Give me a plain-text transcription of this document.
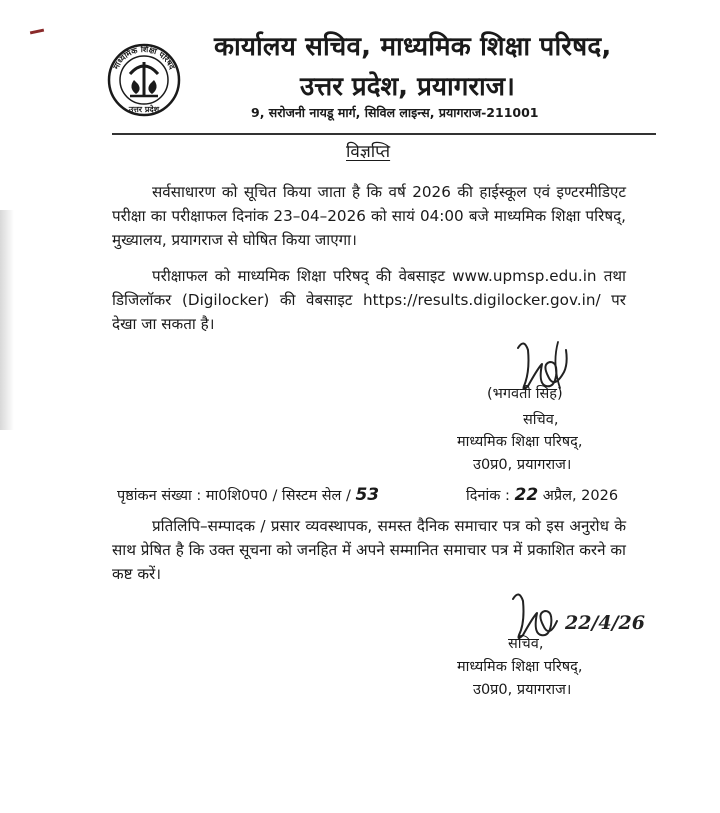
माध्यमिक शिक्षा परिषद
उत्तर प्रदेश
कार्यालय सचिव, माध्यमिक शिक्षा परिषद,
उत्तर प्रदेश, प्रयागराज।
9, सरोजनी नायडू मार्ग, सिविल लाइन्स, प्रयागराज-211001
विज्ञप्ति
सर्वसाधारण को सूचित किया जाता है कि वर्ष 2026 की हाईस्कूल एवं इण्टरमीडिएट परीक्षा का परीक्षाफल दिनांक 23–04–2026 को सायं 04:00 बजे माध्यमिक शिक्षा परिषद्, मुख्यालय, प्रयागराज से घोषित किया जाएगा।
परीक्षाफल को माध्यमिक शिक्षा परिषद् की वेबसाइट www.upmsp.edu.in तथा डिजिलॉकर (Digilocker) की वेबसाइट https://results.digilocker.gov.in/ पर देखा जा सकता है।
(भगवती सिंह)
सचिव,
माध्यमिक शिक्षा परिषद्,
उ0प्र0, प्रयागराज।
पृष्ठांकन संख्या : मा0शि0प0 / सिस्टम सेल / 53	दिनांक : 22 अप्रैल, 2026
प्रतिलिपि–सम्पादक / प्रसार व्यवस्थापक, समस्त दैनिक समाचार पत्र को इस अनुरोध के साथ प्रेषित है कि उक्त सूचना को जनहित में अपने सम्मानित समाचार पत्र में प्रकाशित करने का कष्ट करें।
22/4/26
सचिव,
माध्यमिक शिक्षा परिषद्,
उ0प्र0, प्रयागराज।
